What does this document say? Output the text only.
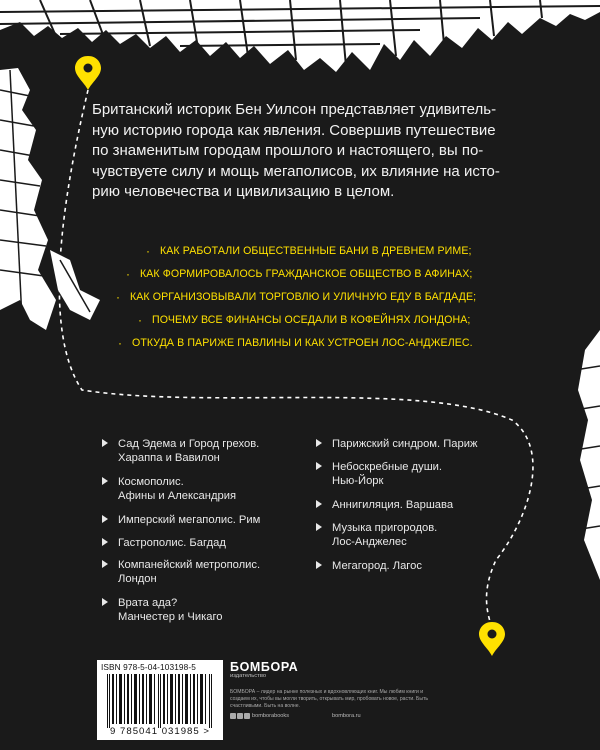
Британский историк Бен Уилсон представляет удивитель-
ную историю города как явления. Совершив путешествие
по знаменитым городам прошлого и настоящего, вы по-
чувствуете силу и мощь мегаполисов, их влияние на исто-
рию человечества и цивилизацию в целом.

· КАК РАБОТАЛИ ОБЩЕСТВЕННЫЕ БАНИ В ДРЕВНЕМ РИМЕ;
· КАК ФОРМИРОВАЛОСЬ ГРАЖДАНСКОЕ ОБЩЕСТВО В АФИНАХ;
· КАК ОРГАНИЗОВЫВАЛИ ТОРГОВЛЮ И УЛИЧНУЮ ЕДУ В БАГДАДЕ;
· ПОЧЕМУ ВСЕ ФИНАНСЫ ОСЕДАЛИ В КОФЕЙНЯХ ЛОНДОНА;
· ОТКУДА В ПАРИЖЕ ПАВЛИНЫ И КАК УСТРОЕН ЛОС-АНДЖЕЛЕС.
Сад Эдема и Город грехов.
Хараппа и Вавилон
Космополис.
Афины и Александрия
Имперский мегаполис. Рим
Гастрополис. Багдад
Компанейский метрополис.
Лондон
Врата ада?
Манчестер и Чикаго
Парижский синдром. Париж
Небоскребные души.
Нью-Йорк
Аннигиляция. Варшава
Музыка пригородов.
Лос-Анджелес
Мегагород. Лагос
ISBN 978-5-04-103198-5
9 785041 031985 >
БОМБОРА
издательство
БОМБОРА – лидер на рынке полезных и вдохновляющих книг. Мы любим книги и создаем их, чтобы вы могли творить, открывать мир, пробовать новое, расти. Быть счастливыми. Быть на волне.
bomborabooks	bombora.ru
